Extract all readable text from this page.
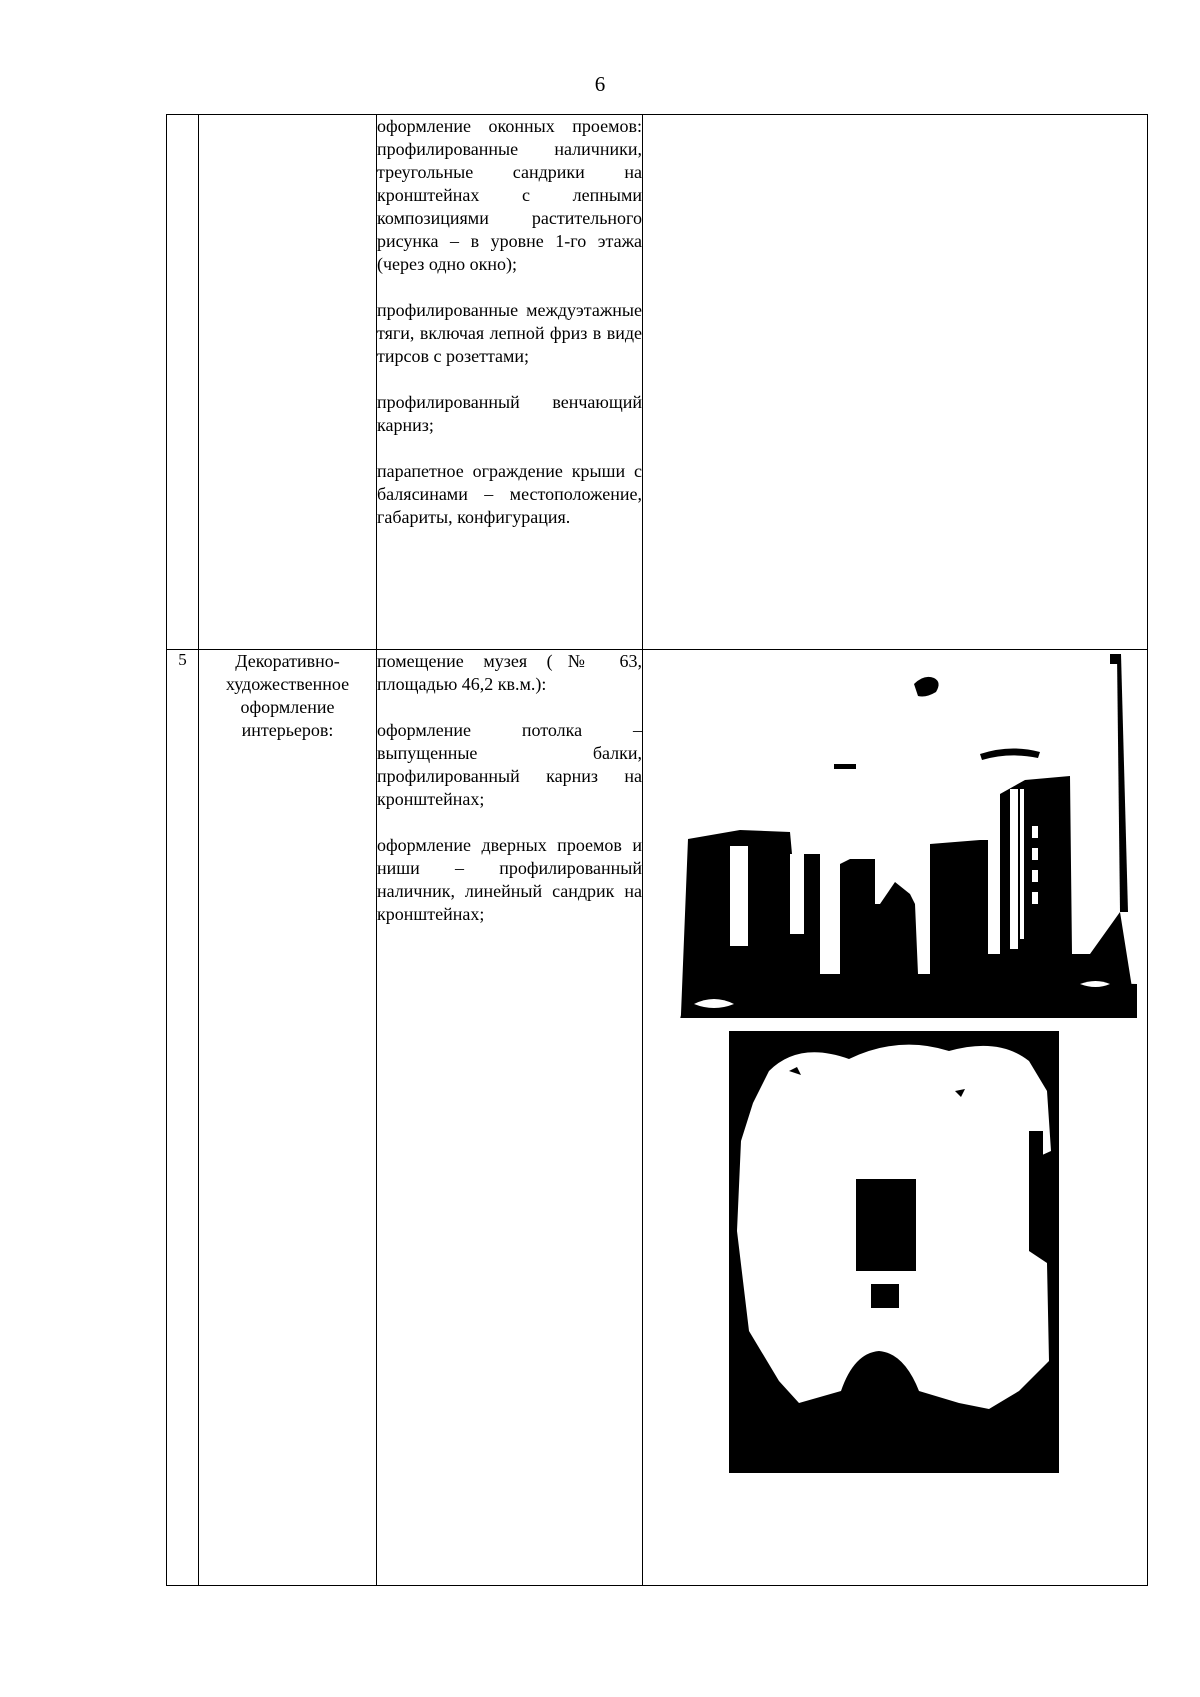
6

		оформление оконных проемов: профилированные наличники, треугольные сандрики на кронштейнах с лепными композициями растительного рисунка – в уровне 1-го этажа (через одно окно);

профилированные междуэтажные тяги, включая лепной фриз в виде тирсов с розеттами;

профилированный венчающий карниз;

парапетное ограждение крыши с балясинами – местоположение, габариты, конфигурация.	

5	Декоративно-художественное оформление интерьеров:	помещение музея (№ 63, площадью 46,2 кв.м.):

оформление потолка – выпущенные балки, профилированный карниз на кронштейнах;

оформление дверных проемов и ниши – профилированный наличник, линейный сандрик на кронштейнах;
